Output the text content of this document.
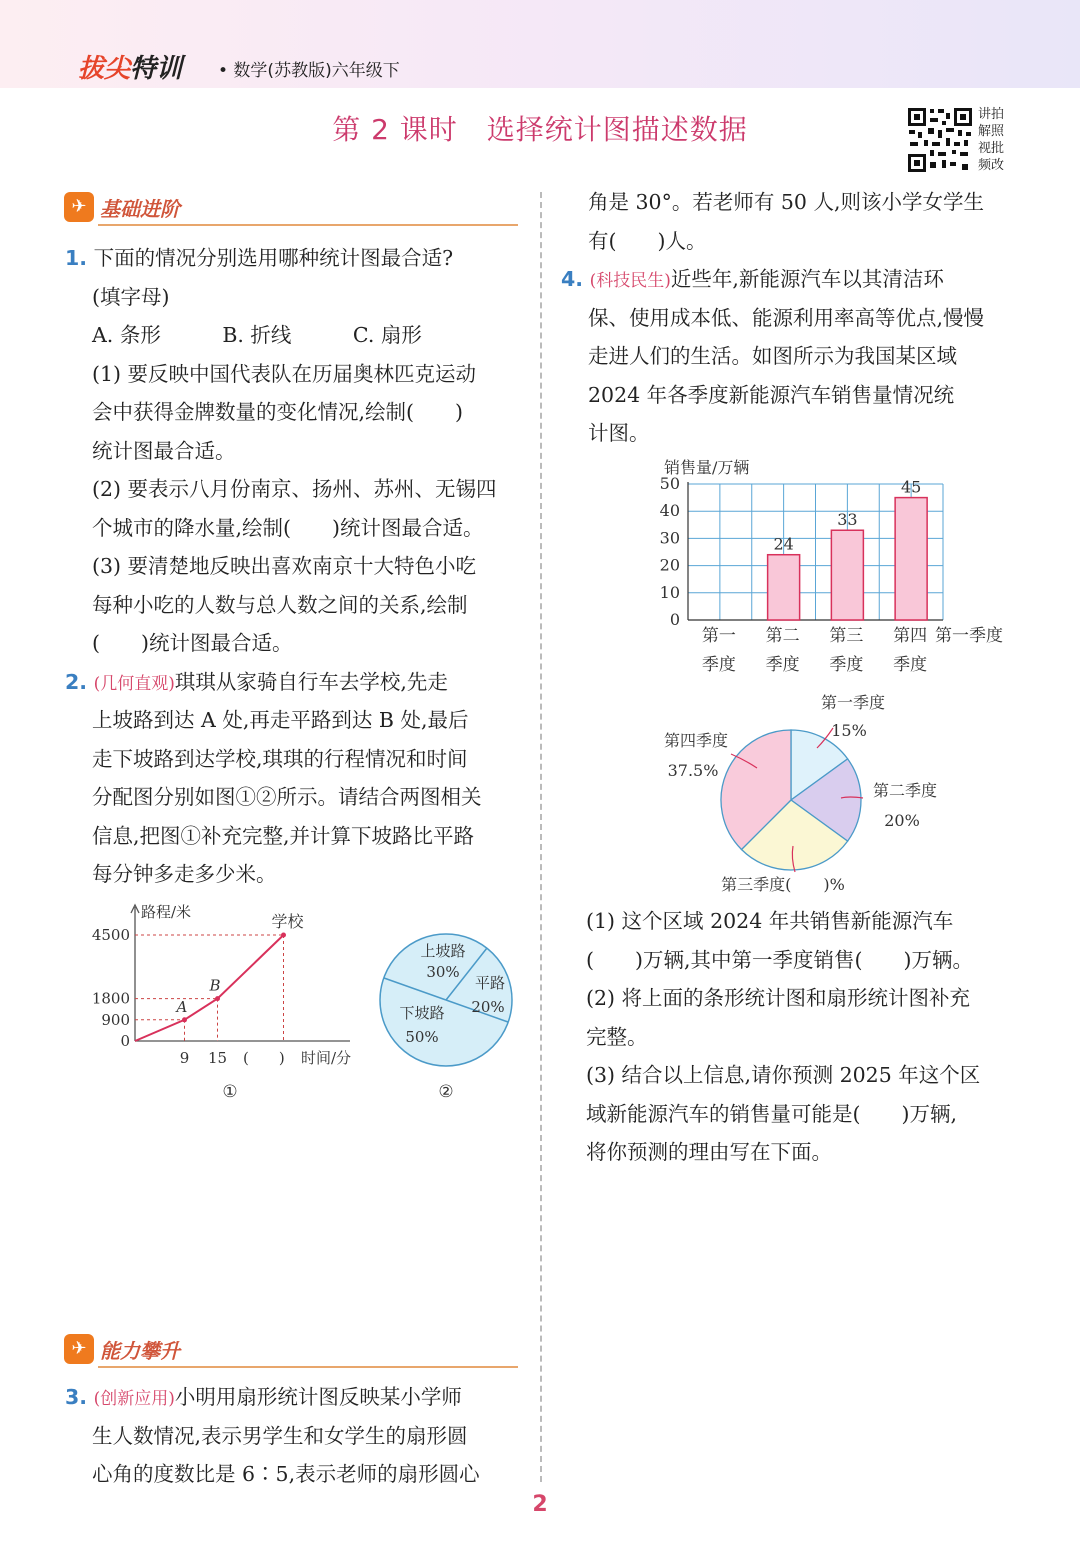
拔尖特训 • 数学(苏教版)六年级下
第 2 课时　选择统计图描述数据	讲拍 解照 视批 频改
✈ 基础进阶
✈ 能力攀升
1. 下面的情况分别选用哪种统计图最合适?
(填字母)
A. 条形　　　B. 折线　　　C. 扇形
(1) 要反映中国代表队在历届奥林匹克运动
会中获得金牌数量的变化情况,绘制(　　)
统计图最合适。
(2) 要表示八月份南京、扬州、苏州、无锡四
个城市的降水量,绘制(　　)统计图最合适。
(3) 要清楚地反映出喜欢南京十大特色小吃
每种小吃的人数与总人数之间的关系,绘制
(　　)统计图最合适。
2. (几何直观)琪琪从家骑自行车去学校,先走
上坡路到达 A 处,再走平路到达 B 处,最后
走下坡路到达学校,琪琪的行程情况和时间
分配图分别如图①②所示。请结合两图相关
信息,把图①补充完整,并计算下坡路比平路
每分钟多走多少米。
3. (创新应用)小明用扇形统计图反映某小学师
生人数情况,表示男学生和女学生的扇形圆
心角的度数比是 6∶5,表示老师的扇形圆心
角是 30°。若老师有 50 人,则该小学女学生
有(　　)人。
4. (科技民生)近些年,新能源汽车以其清洁环
保、使用成本低、能源利用率高等优点,慢慢
走进人们的生活。如图所示为我国某区域
2024 年各季度新能源汽车销售量情况统
计图。
(1) 这个区域 2024 年共销售新能源汽车
(　　)万辆,其中第一季度销售(　　)万辆。
(2) 将上面的条形统计图和扇形统计图补充
完整。
(3) 结合以上信息,请你预测 2025 年这个区
域新能源汽车的销售量可能是(　　)万辆,
将你预测的理由写在下面。
路程/米
4500
1800
900
0
9 15 (　　) 时间/分
A
B
学校
①
上坡路
30%
平路
20%
下坡路
50%
②
销售量/万辆
50
40
30
20
10
0
第一
季度
24
第二
季度
33
第三
季度
45
第四
季度
第一季度
第一季度
15%
第二季度
20%
第三季度(　　)%
第四季度
37.5%
2
